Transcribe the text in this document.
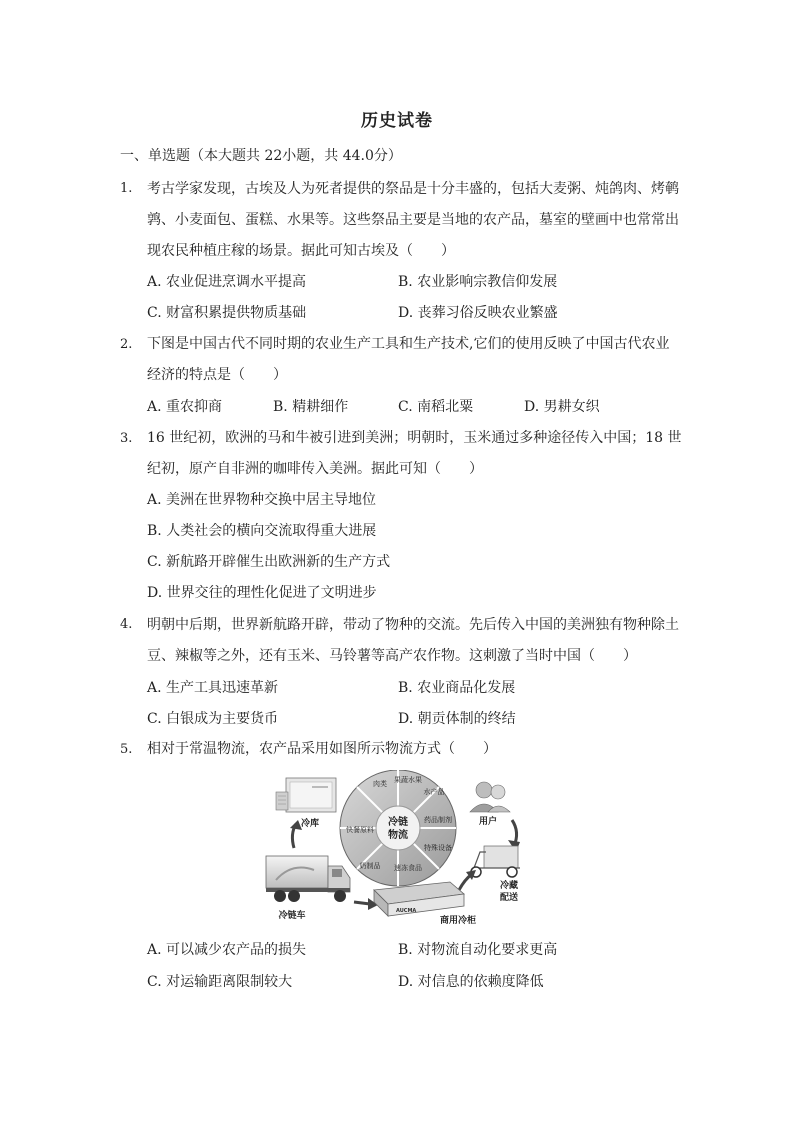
历史试卷
一、单选题（本大题共 22小题，共 44.0分）
1. 考古学家发现，古埃及人为死者提供的祭品是十分丰盛的，包括大麦粥、炖鸽肉、烤鹌
鹑、小麦面包、蛋糕、水果等。这些祭品主要是当地的农产品，墓室的壁画中也常常出
现农民种植庄稼的场景。据此可知古埃及（　　）
A. 农业促进烹调水平提高	B. 农业影响宗教信仰发展
C. 财富积累提供物质基础	D. 丧葬习俗反映农业繁盛
2. 下图是中国古代不同时期的农业生产工具和生产技术,它们的使用反映了中国古代农业
经济的特点是（　　）
A. 重农抑商	B. 精耕细作	C. 南稻北粟	D. 男耕女织
3. 16 世纪初，欧洲的马和牛被引进到美洲；明朝时，玉米通过多种途径传入中国；18 世
纪初，原产自非洲的咖啡传入美洲。据此可知（　　）
A. 美洲在世界物种交换中居主导地位
B. 人类社会的横向交流取得重大进展
C. 新航路开辟催生出欧洲新的生产方式
D. 世界交往的理性化促进了文明进步
4. 明朝中后期，世界新航路开辟，带动了物种的交流。先后传入中国的美洲独有物种除土
豆、辣椒等之外，还有玉米、马铃薯等高产农作物。这刺激了当时中国（　　）
A. 生产工具迅速革新	B. 农业商品化发展
C. 白银成为主要货币	D. 朝贡体制的终结
5. 相对于常温物流，农产品采用如图所示物流方式（　　）
冷库	冷链
物流
肉类 果蔬水果
水产品
药品制剂
特殊设备
速冻食品
奶制品
快餐原料
用户
冷藏
配送
冷链车	AUCMA
商用冷柜
A. 可以减少农产品的损失	B. 对物流自动化要求更高
C. 对运输距离限制较大	D. 对信息的依赖度降低
